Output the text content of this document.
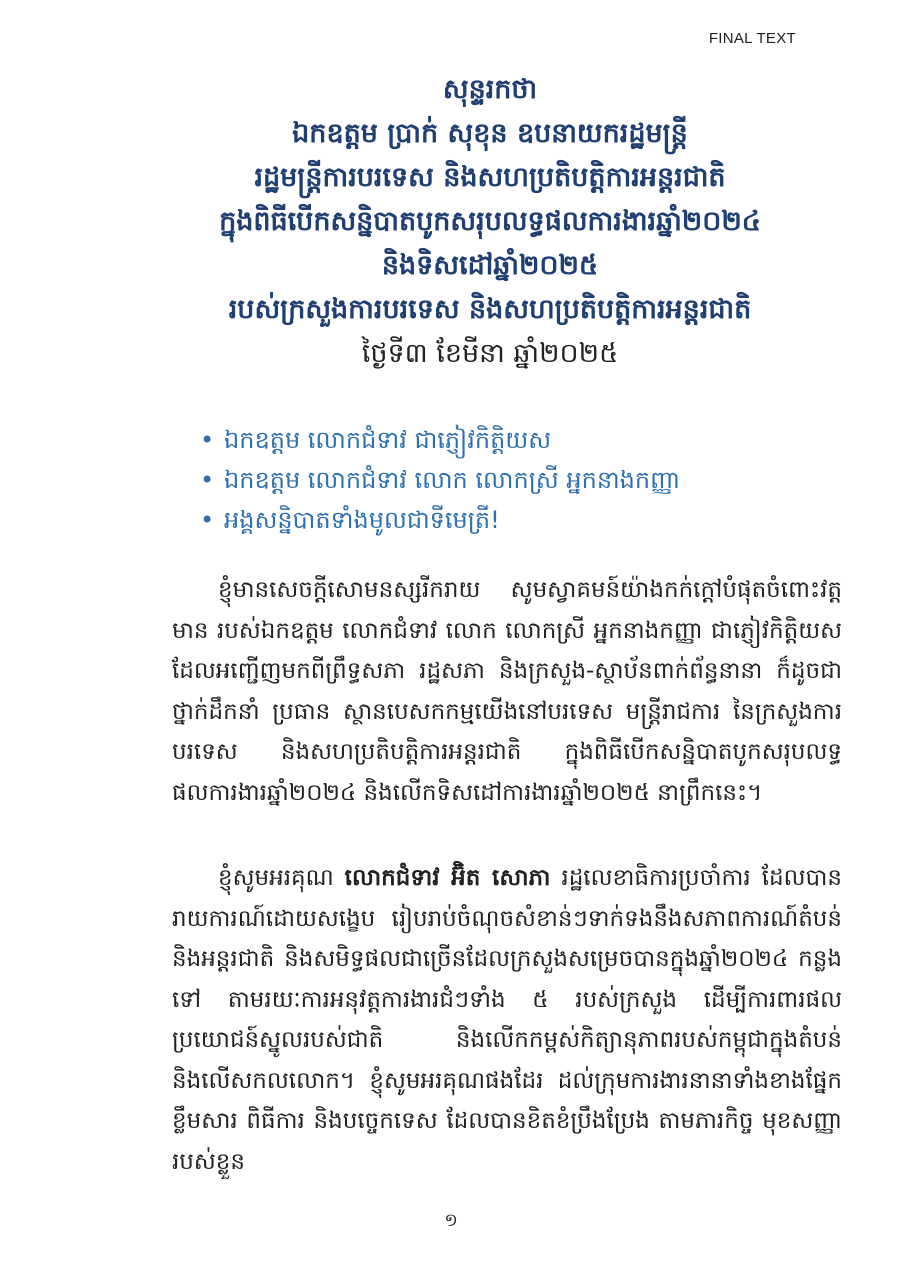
FINAL TEXT
សុន្ទរកថា
ឯកឧត្តម ប្រាក់ សុខុន ឧបនាយករដ្ឋមន្ត្រី
រដ្ឋមន្ត្រីការបរទេស និងសហប្រតិបត្តិការអន្តរជាតិ
ក្នុងពិធីបើកសន្និបាតបូកសរុបលទ្ធផលការងារឆ្នាំ២០២៤
និងទិសដៅឆ្នាំ២០២៥
របស់ក្រសួងការបរទេស និងសហប្រតិបត្តិការអន្តរជាតិ
ថ្ងៃទី៣ ខែមីនា ឆ្នាំ២០២៥
• ឯកឧត្តម លោកជំទាវ ជាភ្ញៀវកិត្តិយស
• ឯកឧត្តម លោកជំទាវ លោក លោកស្រី អ្នកនាងកញ្ញា
• អង្គសន្និបាតទាំងមូលជាទីមេត្រី!
ខ្ញុំមានសេចក្តីសោមនស្សរីករាយ សូមស្វាគមន៍យ៉ាងកក់ក្តៅបំផុតចំពោះវត្តមាន របស់ឯកឧត្តម លោកជំទាវ លោក លោកស្រី អ្នកនាងកញ្ញា ជាភ្ញៀវកិត្តិយស ដែលអញ្ជើញមកពីព្រឹទ្ធសភា រដ្ឋសភា និងក្រសួង-ស្ថាប័នពាក់ព័ន្ធនានា ក៏ដូចជាថ្នាក់ដឹកនាំ ប្រធាន ស្ថានបេសកកម្មយើងនៅបរទេស មន្ត្រីរាជការ នៃក្រសួងការបរទេស និងសហប្រតិបត្តិការអន្តរជាតិ ក្នុងពិធីបើកសន្និបាតបូកសរុបលទ្ធផលការងារឆ្នាំ២០២៤ និងលើកទិសដៅការងារឆ្នាំ២០២៥ នាព្រឹកនេះ។
ខ្ញុំសូមអរគុណ លោកជំទាវ អ៊ិត សោភា រដ្ឋលេខាធិការប្រចាំការ ដែលបានរាយការណ៍ដោយសង្ខេប រៀបរាប់ចំណុចសំខាន់ៗទាក់ទងនឹងសភាពការណ៍តំបន់ និងអន្តរជាតិ និងសមិទ្ធផលជាច្រើនដែលក្រសួងសម្រេចបានក្នុងឆ្នាំ២០២៤ កន្លងទៅ តាមរយៈការអនុវត្តការងារជំៗទាំង ៥ របស់ក្រសួង ដើម្បីការពារផលប្រយោជន៍ស្នូលរបស់ជាតិ និងលើកកម្ពស់កិត្យានុភាពរបស់កម្ពុជាក្នុងតំបន់ និងលើសកលលោក។ ខ្ញុំសូមអរគុណផងដែរ ដល់ក្រុមការងារនានាទាំងខាងផ្នែកខ្លឹមសារ ពិធីការ និងបច្ចេកទេស ដែលបានខិតខំប្រឹងប្រែង តាមភារកិច្ច មុខសញ្ញារបស់ខ្លួន
១
